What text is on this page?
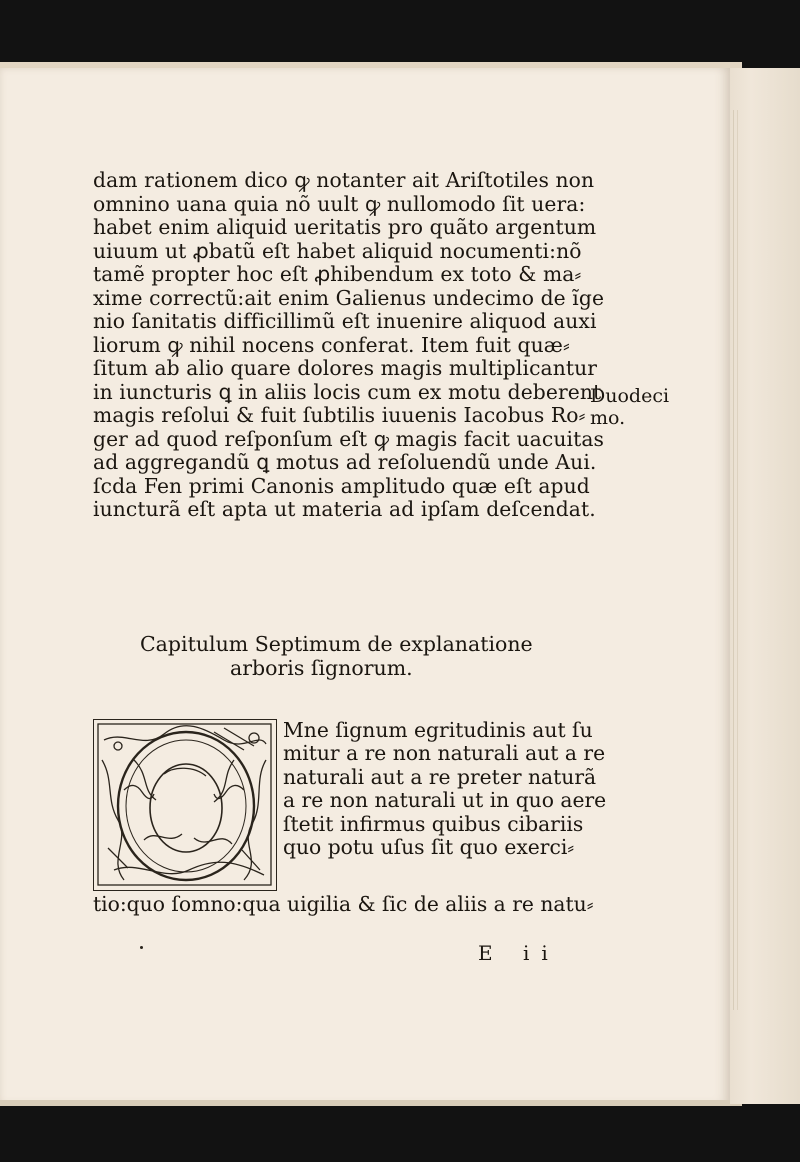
dam rationem dico ꝙ notanter ait Ariſtotiles non
omnino uana quia nõ uult ꝙ nullomodo ſit uera:
habet enim aliquid ueritatis pro quãto argentum
uiuum ut ꝓbatũ eſt habet aliquid nocumenti:nõ
tamẽ propter hoc eſt ꝓhibendum ex toto & ma⸗
xime correctũ:ait enim Galienus undecimo de ĩge
nio ſanitatis difficillimũ eſt inuenire aliquod auxi
liorum ꝙ nihil nocens conferat. Item fuit quæ⸗
ſitum ab alio quare dolores magis multiplicantur
in iuncturis ꝗ in aliis locis cum ex motu deberent
magis reſolui & fuit ſubtilis iuuenis Iacobus Ro⸗
ger ad quod reſponſum eſt ꝙ magis facit uacuitas
ad aggregandũ ꝗ motus ad reſoluendũ unde Aui.
ſcda Fen primi Canonis amplitudo quæ eſt apud
iuncturã eſt apta ut materia ad ipſam deſcendat.
Duodeci
mo.
Capitulum Septimum de explanatione
arboris ſignorum.
Mne ſignum egritudinis aut ſu
mitur a re non naturali aut a re
naturali aut a re preter naturã
a re non naturali ut in quo aere
ſtetit infirmus quibus cibariis
quo potu uſus ſit quo exerci⸗
tio:quo ſomno:qua uigilia & ſic de aliis a re natu⸗
E ii
